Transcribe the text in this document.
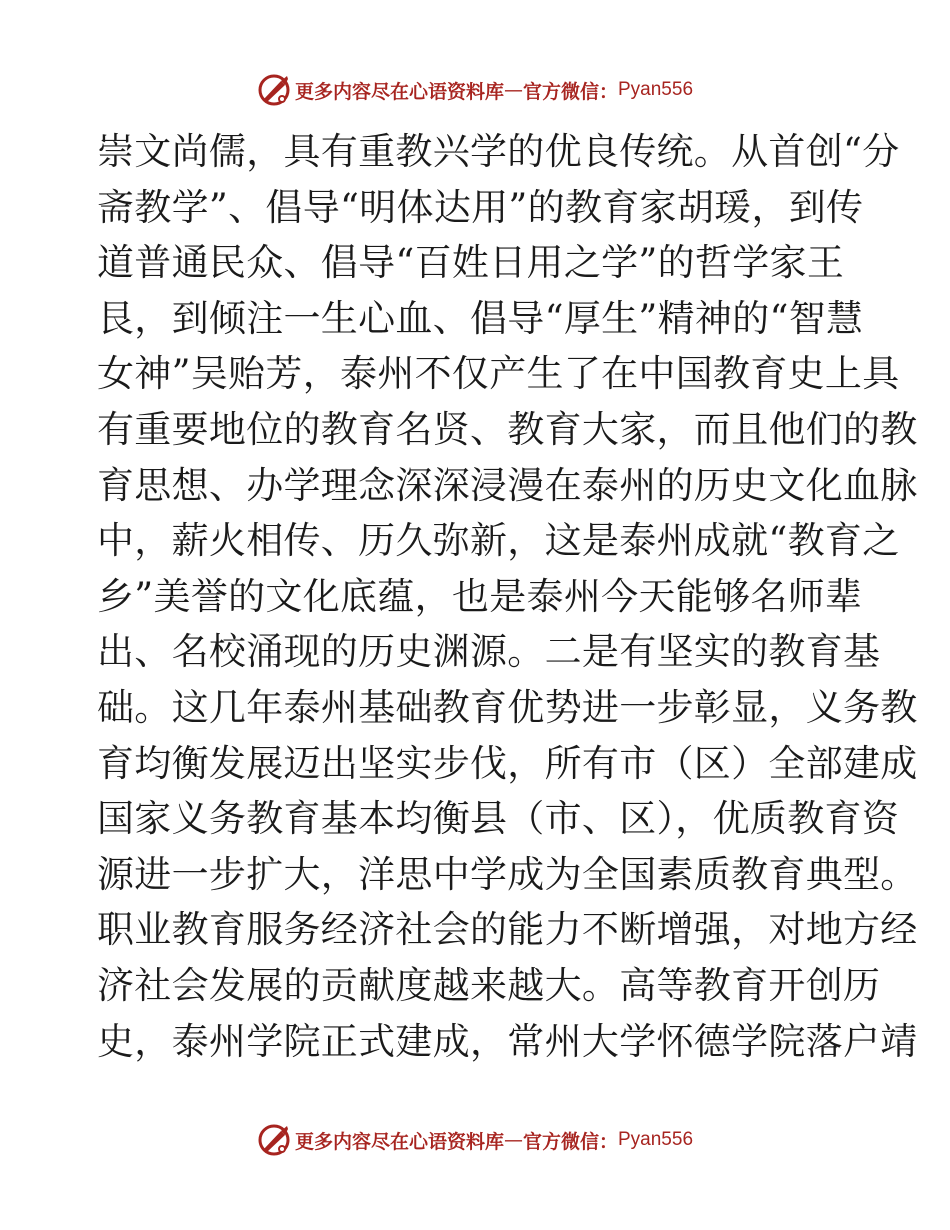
更多内容尽在心语资料库 — 官方微信： Pyan556
崇文尚儒，具有重教兴学的优良传统。从首创“分
斋教学”、倡导“明体达用”的教育家胡瑗，到传
道普通民众、倡导“百姓日用之学”的哲学家王
艮，到倾注一生心血、倡导“厚生”精神的“智慧
女神”吴贻芳，泰州不仅产生了在中国教育史上具
有重要地位的教育名贤、教育大家，而且他们的教
育思想、办学理念深深浸漫在泰州的历史文化血脉
中，薪火相传、历久弥新，这是泰州成就“教育之
乡”美誉的文化底蕴，也是泰州今天能够名师辈
出、名校涌现的历史渊源。二是有坚实的教育基
础。这几年泰州基础教育优势进一步彰显，义务教
育均衡发展迈出坚实步伐，所有市（区）全部建成
国家义务教育基本均衡县（市、区），优质教育资
源进一步扩大，洋思中学成为全国素质教育典型。
职业教育服务经济社会的能力不断增强，对地方经
济社会发展的贡献度越来越大。高等教育开创历
史，泰州学院正式建成，常州大学怀德学院落户靖
更多内容尽在心语资料库 — 官方微信： Pyan556
